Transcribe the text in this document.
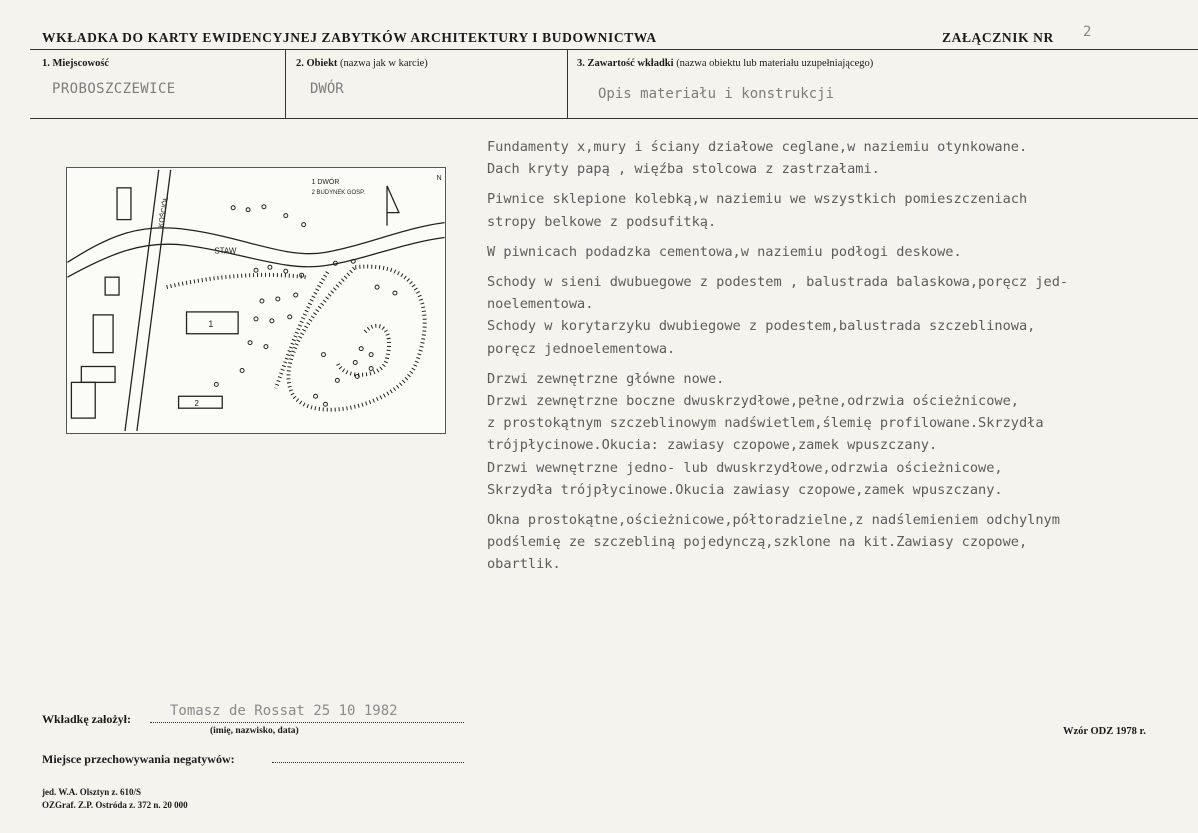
WKŁADKA DO KARTY EWIDENCYJNEJ ZABYTKÓW ARCHITEKTURY I BUDOWNICTWA	ZAŁĄCZNIK NR 2
1. Miejscowość	2. Obiekt (nazwa jak w karcie)	3. Zawartość wkładki (nazwa obiektu lub materiału uzupełniającego)
PROBOSZCZEWICE	DWÓR	Opis materiału i konstrukcji
KOŚCIÓŁ
STAW
1
2
1 DWÓR
2 BUDYNEK GOSP.
N

Fundamenty x,mury i ściany działowe ceglane,w naziemiu otynkowane.
Dach kryty papą , więźba stolcowa z zastrzałami.

Piwnice sklepione kolebką,w naziemiu we wszystkich pomieszczeniach
stropy belkowe z podsufitką.

W piwnicach podadzka cementowa,w naziemiu podłogi deskowe.

Schody w sieni dwubuegowe z podestem , balustrada balaskowa,poręcz jed-
noelementowa.
Schody w korytarzyku dwubiegowe z podestem,balustrada szczeblinowa,
poręcz jednoelementowa.

Drzwi zewnętrzne główne nowe.
Drzwi zewnętrzne boczne dwuskrzydłowe,pełne,odrzwia ościeżnicowe,
z prostokątnym szczeblinowym nadświetlem,ślemię profilowane.Skrzydła
trójpłycinowe.Okucia: zawiasy czopowe,zamek wpuszczany.
Drzwi wewnętrzne jedno- lub dwuskrzydłowe,odrzwia ościeżnicowe,
Skrzydła trójpłycinowe.Okucia zawiasy czopowe,zamek wpuszczany.

Okna prostokątne,ościeżnicowe,półtoradzielne,z nadślemieniem odchylnym
podślemię ze szczebliną pojedynczą,szklone na kit.Zawiasy czopowe,
obartlik.

Wkładkę założył:	Tomasz de Rossat 25 10 1982
(imię, nazwisko, data)
Miejsce przechowywania negatywów:
Wzór ODZ 1978 r.
jed. W.A. Olsztyn z. 610/S
OZGraf. Z.P. Ostróda z. 372 n. 20 000
